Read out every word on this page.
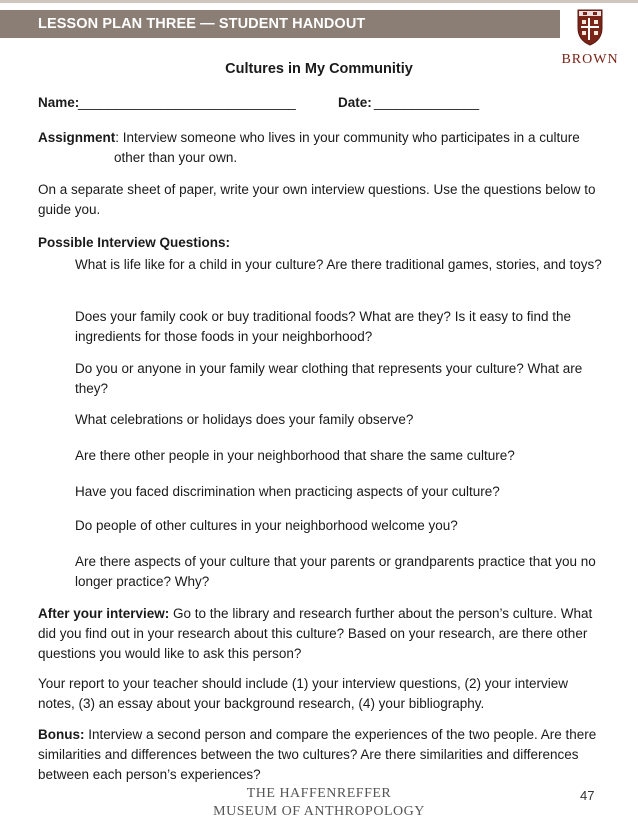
LESSON PLAN THREE — STUDENT HANDOUT
BROWN
Cultures in My Communitiy
Name:
_____________________________	Date: ______________
Assignment: Interview someone who lives in your community who participates in a culture
other than your own.
On a separate sheet of paper, write your own interview questions. Use the questions below to guide you.
Possible Interview Questions:
What is life like for a child in your culture? Are there traditional games, stories, and toys?
Does your family cook or buy traditional foods? What are they? Is it easy to find the ingredients for those foods in your neighborhood?
Do you or anyone in your family wear clothing that represents your culture? What are they?
What celebrations or holidays does your family observe?
Are there other people in your neighborhood that share the same culture?
Have you faced discrimination when practicing aspects of your culture?
Do people of other cultures in your neighborhood welcome you?
Are there aspects of your culture that your parents or grandparents practice that you no longer practice? Why?
After your interview: Go to the library and research further about the person’s culture. What did you find out in your research about this culture? Based on your research, are there other questions you would like to ask this person?
Your report to your teacher should include (1) your interview questions, (2) your interview notes, (3) an essay about your background research, (4) your bibliography.
Bonus: Interview a second person and compare the experiences of the two people. Are there similarities and differences between the two cultures? Are there similarities and differences between each person’s experiences?
THE HAFFENREFFER
MUSEUM OF ANTHROPOLOGY
47
